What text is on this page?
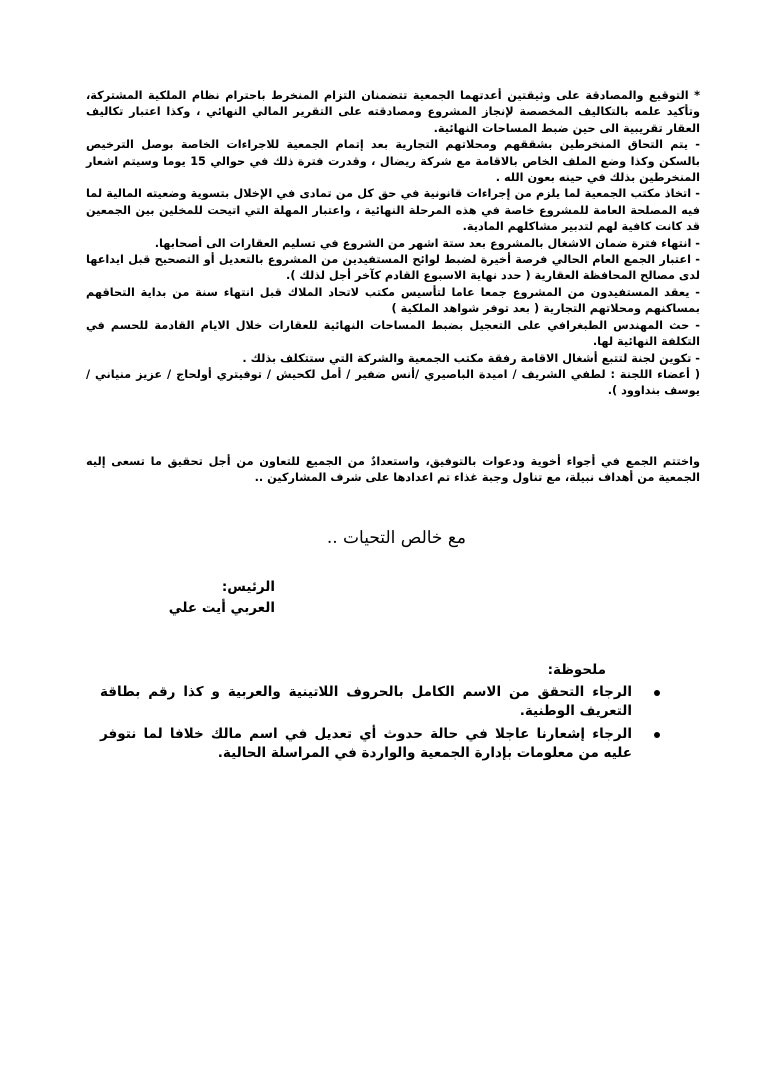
* التوقيع والمصادقة على وثيقتين أعدتهما الجمعية تتضمنان التزام المنخرط باحترام نظام الملكية المشتركة، وتأكيد علمه بالتكاليف المخصصة لإنجاز المشروع ومصادقته على التقرير المالي النهائي ، وكذا اعتبار تكاليف العقار تقريبية الى حين ضبط المساحات النهائية.

- يتم التحاق المنخرطين بشققهم ومحلاتهم التجارية بعد إتمام الجمعية للاجراءات الخاصة بوصل الترخيص بالسكن وكذا وضع الملف الخاص بالاقامة مع شركة ريضال ، وقدرت فترة ذلك في حوالي 15 يوما وسيتم اشعار المنخرطين بذلك في حينه بعون الله .

- اتخاذ مكتب الجمعية لما يلزم من إجراءات قانونية في حق كل من تمادى في الإخلال بتسوية وضعيته المالية لما فيه المصلحة العامة للمشروع خاصة في هذه المرحلة النهائية ، واعتبار المهلة التي اتيحت للمخلين بين الجمعين قد كانت كافية لهم لتدبير مشاكلهم المادية.

- انتهاء فترة ضمان الاشغال بالمشروع بعد ستة اشهر من الشروع في تسليم العقارات الى أصحابها.

- اعتبار الجمع العام الحالي فرصة أخيرة لضبط لوائح المستفيدين من المشروع بالتعديل أو التصحيح قبل ايداعها لدى مصالح المحافظة العقارية ( حدد نهاية الاسبوع القادم كآخر أجل لذلك ).

- يعقد المستفيدون من المشروع جمعا عاما لتأسيس مكتب لاتحاد الملاك قبل انتهاء سنة من بداية التحاقهم بمساكنهم ومحلاتهم التجارية ( بعد توفر شواهد الملكية )

- حث المهندس الطبغرافي على التعجيل بضبط المساحات النهائية للعقارات خلال الايام القادمة للحسم في التكلفة النهائية لها.

- تكوين لجنة لتتبع أشغال الاقامة رفقة مكتب الجمعية والشركة التي ستتكلف بذلك .

( أعضاء اللجنة : لطفي الشريف / اميدة الباصيري /أنس ضفير / أمل لكحيش / توفيتري أولحاج / عزيز منياني / يوسف بنداوود ).

واختتم الجمع في أجواء أخوية ودعوات بالتوفيق، واستعدادٌ من الجميع للتعاون من أجل تحقيق ما تسعى إليه الجمعية من أهداف نبيلة، مع تناول وجبة غذاء تم اعدادها على شرف المشاركين ..

مع خالص التحيات ..
الرئيس:
العربي أيت علي
ملحوظة:
الرجاء التحقق من الاسم الكامل بالحروف اللاتينية والعربية و كذا رقم بطاقة التعريف الوطنية.
الرجاء إشعارنا عاجلا في حالة حدوث أي تعديل في اسم مالك خلافا لما نتوفر عليه من معلومات بإدارة الجمعية والواردة في المراسلة الحالية.
